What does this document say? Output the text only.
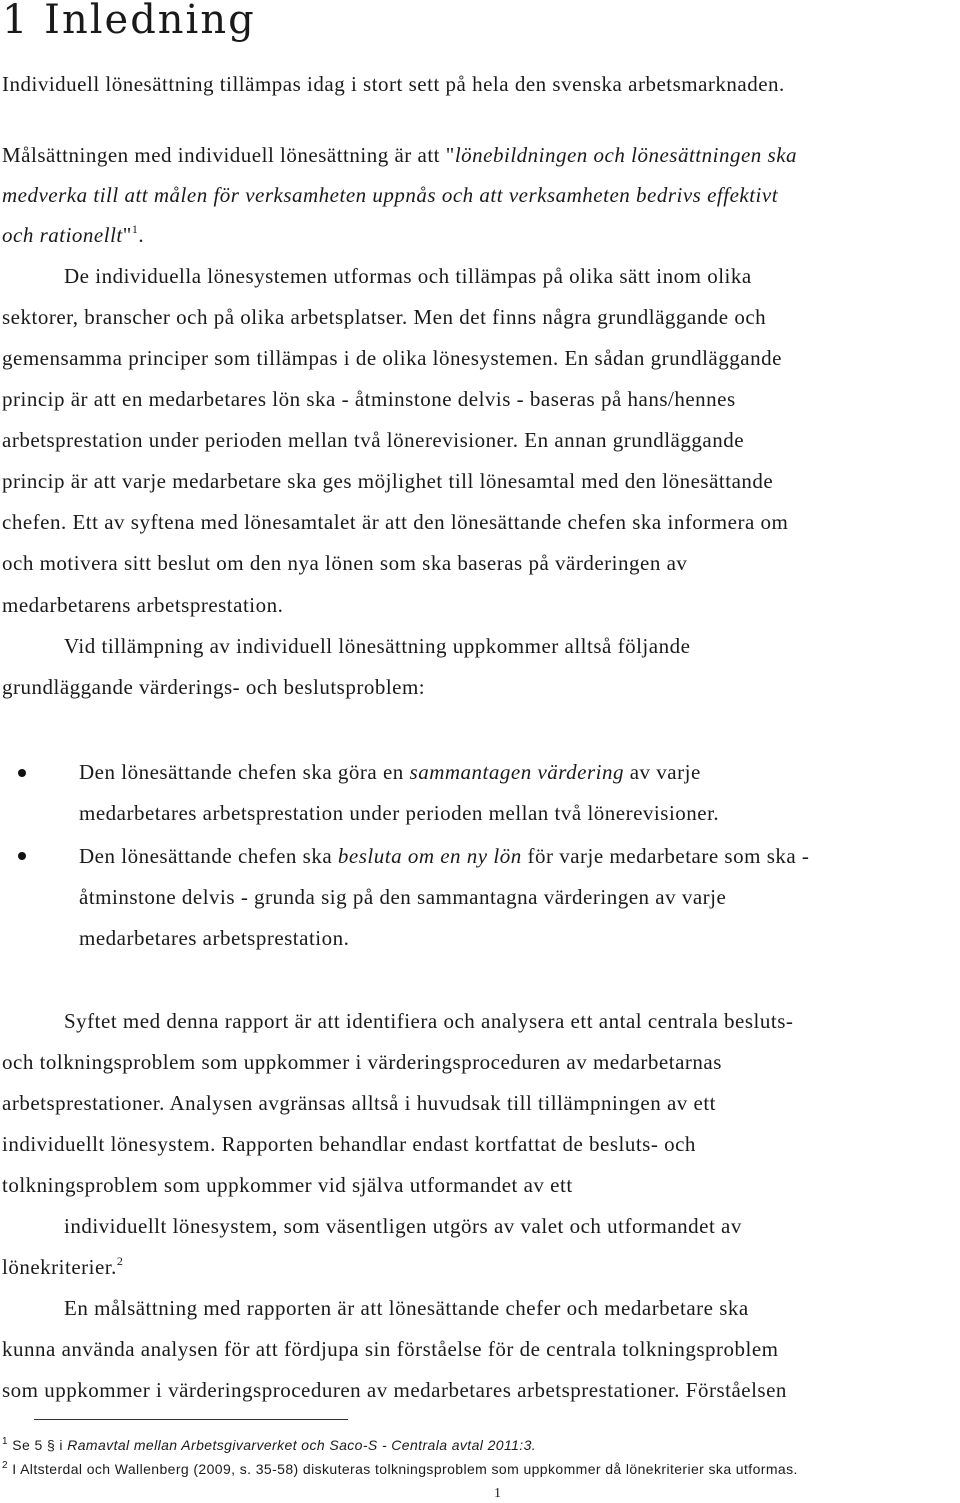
1 Inledning

Individuell lönesättning tillämpas idag i stort sett på hela den svenska arbetsmarknaden.

Målsättningen med individuell lönesättning är att "lönebildningen och lönesättningen ska

medverka till att målen för verksamheten uppnås och att verksamheten bedrivs effektivt

och rationellt"$^1$.

De individuella lönesystemen utformas och tillämpas på olika sätt inom olika

sektorer, branscher och på olika arbetsplatser. Men det finns några grundläggande och

gemensamma principer som tillämpas i de olika lönesystemen. En sådan grundläggande

princip är att en medarbetares lön ska - åtminstone delvis - baseras på hans/hennes

arbetsprestation under perioden mellan två lönerevisioner. En annan grundläggande

princip är att varje medarbetare ska ges möjlighet till lönesamtal med den lönesättande

chefen. Ett av syftena med lönesamtalet är att den lönesättande chefen ska informera om

och motivera sitt beslut om den nya lönen som ska baseras på värderingen av

medarbetarens arbetsprestation.

Vid tillämpning av individuell lönesättning uppkommer alltså följande

grundläggande värderings- och beslutsproblem:

Den lönesättande chefen ska göra en sammantagen värdering av varje

medarbetares arbetsprestation under perioden mellan två lönerevisioner.

Den lönesättande chefen ska besluta om en ny lön för varje medarbetare som ska -

åtminstone delvis - grunda sig på den sammantagna värderingen av varje

medarbetares arbetsprestation.

Syftet med denna rapport är att identifiera och analysera ett antal centrala besluts-

och tolkningsproblem som uppkommer i värderingsproceduren av medarbetarnas

arbetsprestationer. Analysen avgränsas alltså i huvudsak till tillämpningen av ett

individuellt lönesystem. Rapporten behandlar endast kortfattat de besluts- och

tolkningsproblem som uppkommer vid själva utformandet av ett

individuellt lönesystem, som väsentligen utgörs av valet och utformandet av

lönekriterier.$^2$

En målsättning med rapporten är att lönesättande chefer och medarbetare ska

kunna använda analysen för att fördjupa sin förståelse för de centrala tolkningsproblem

som uppkommer i värderingsproceduren av medarbetares arbetsprestationer. Förståelsen

$^1$ Se 5 § i Ramavtal mellan Arbetsgivarverket och Saco-S - Centrala avtal 2011:3.

$^2$ I Altsterdal och Wallenberg (2009, s. 35-58) diskuteras tolkningsproblem som uppkommer då lönekriterier ska utformas.

1
